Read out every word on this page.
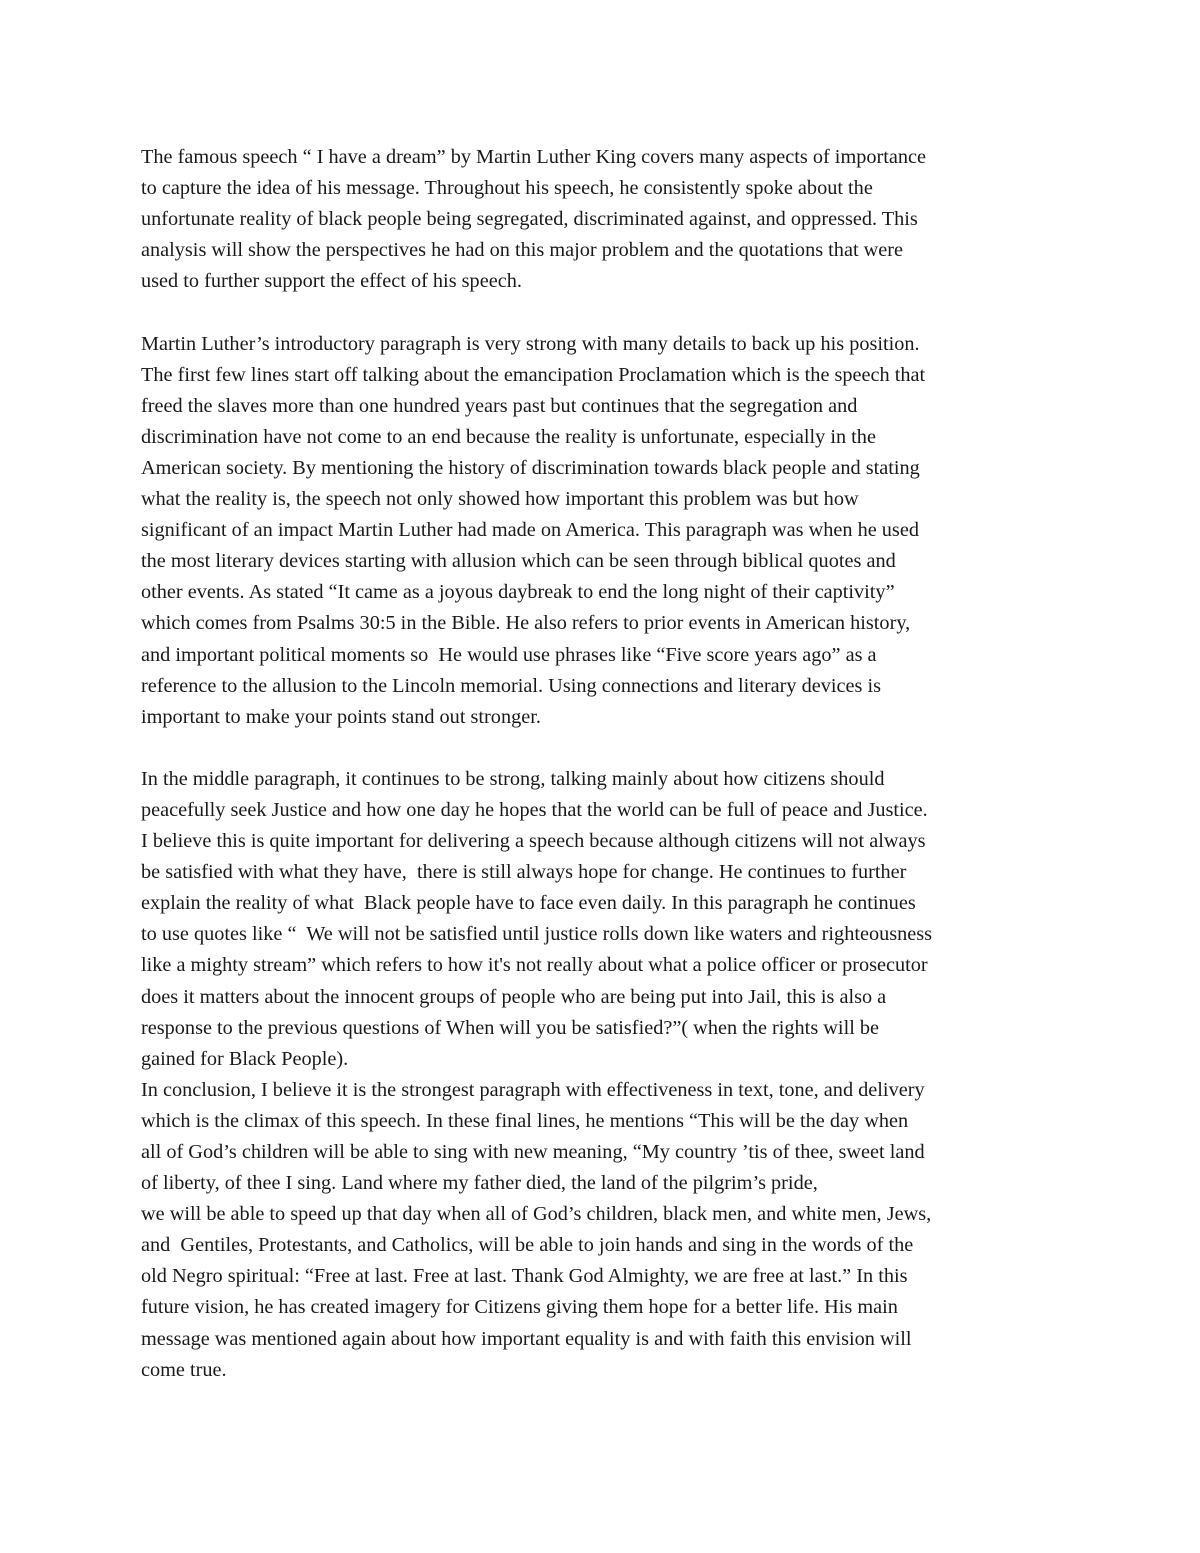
The famous speech “ I have a dream” by Martin Luther King covers many aspects of importance
to capture the idea of his message. Throughout his speech, he consistently spoke about the
unfortunate reality of black people being segregated, discriminated against, and oppressed. This
analysis will show the perspectives he had on this major problem and the quotations that were
used to further support the effect of his speech.
Martin Luther’s introductory paragraph is very strong with many details to back up his position.
The first few lines start off talking about the emancipation Proclamation which is the speech that
freed the slaves more than one hundred years past but continues that the segregation and
discrimination have not come to an end because the reality is unfortunate, especially in the
American society. By mentioning the history of discrimination towards black people and stating
what the reality is, the speech not only showed how important this problem was but how
significant of an impact Martin Luther had made on America. This paragraph was when he used
the most literary devices starting with allusion which can be seen through biblical quotes and
other events. As stated “It came as a joyous daybreak to end the long night of their captivity”
which comes from Psalms 30:5 in the Bible. He also refers to prior events in American history,
and important political moments so  He would use phrases like “Five score years ago” as a
reference to the allusion to the Lincoln memorial. Using connections and literary devices is
important to make your points stand out stronger.
In the middle paragraph, it continues to be strong, talking mainly about how citizens should
peacefully seek Justice and how one day he hopes that the world can be full of peace and Justice.
I believe this is quite important for delivering a speech because although citizens will not always
be satisfied with what they have,  there is still always hope for change. He continues to further
explain the reality of what  Black people have to face even daily. In this paragraph he continues
to use quotes like “  We will not be satisfied until justice rolls down like waters and righteousness
like a mighty stream” which refers to how it's not really about what a police officer or prosecutor
does it matters about the innocent groups of people who are being put into Jail, this is also a
response to the previous questions of When will you be satisfied?”( when the rights will be
gained for Black People).
In conclusion, I believe it is the strongest paragraph with effectiveness in text, tone, and delivery
which is the climax of this speech. In these final lines, he mentions “This will be the day when
all of God’s children will be able to sing with new meaning, “My country ’tis of thee, sweet land
of liberty, of thee I sing. Land where my father died, the land of the pilgrim’s pride,
we will be able to speed up that day when all of God’s children, black men, and white men, Jews,
and  Gentiles, Protestants, and Catholics, will be able to join hands and sing in the words of the
old Negro spiritual: “Free at last. Free at last. Thank God Almighty, we are free at last.” In this
future vision, he has created imagery for Citizens giving them hope for a better life. His main
message was mentioned again about how important equality is and with faith this envision will
come true.
